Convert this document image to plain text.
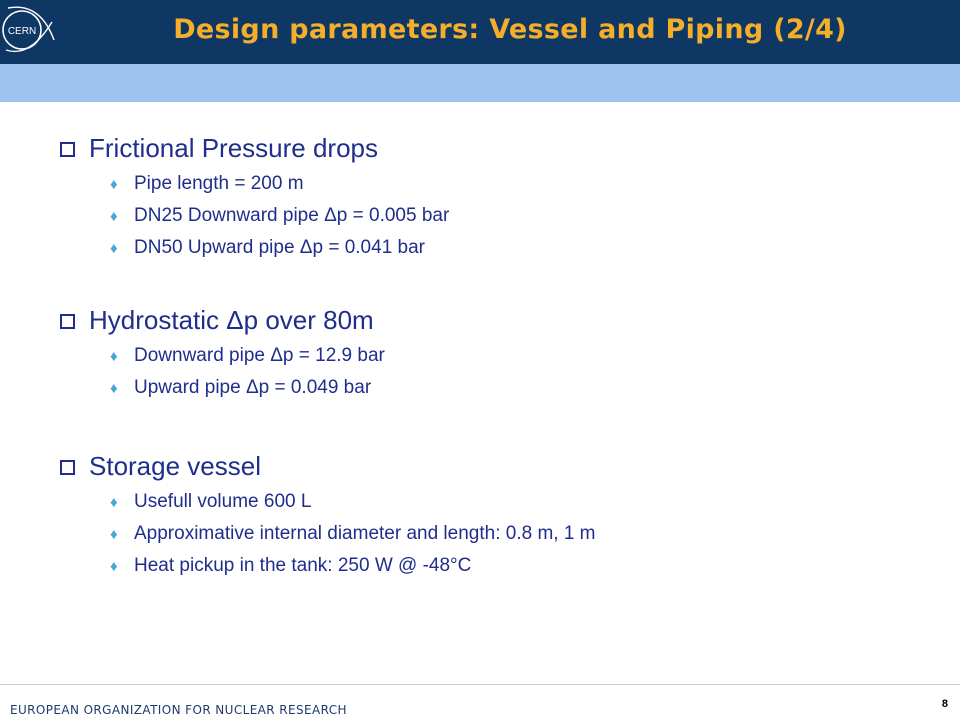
CERN	Design parameters: Vessel and Piping (2/4)
Frictional Pressure drops
♦ Pipe length = 200 m
♦ DN25 Downward pipe Δp = 0.005 bar
♦ DN50 Upward pipe Δp = 0.041 bar
Hydrostatic Δp over 80m
♦ Downward pipe Δp = 12.9 bar
♦ Upward pipe Δp = 0.049 bar
Storage vessel
♦ Usefull volume 600 L
♦ Approximative internal diameter and length: 0.8 m, 1 m
♦ Heat pickup in the tank: 250 W @ -48°C
EUROPEAN ORGANIZATION FOR NUCLEAR RESEARCH	8
